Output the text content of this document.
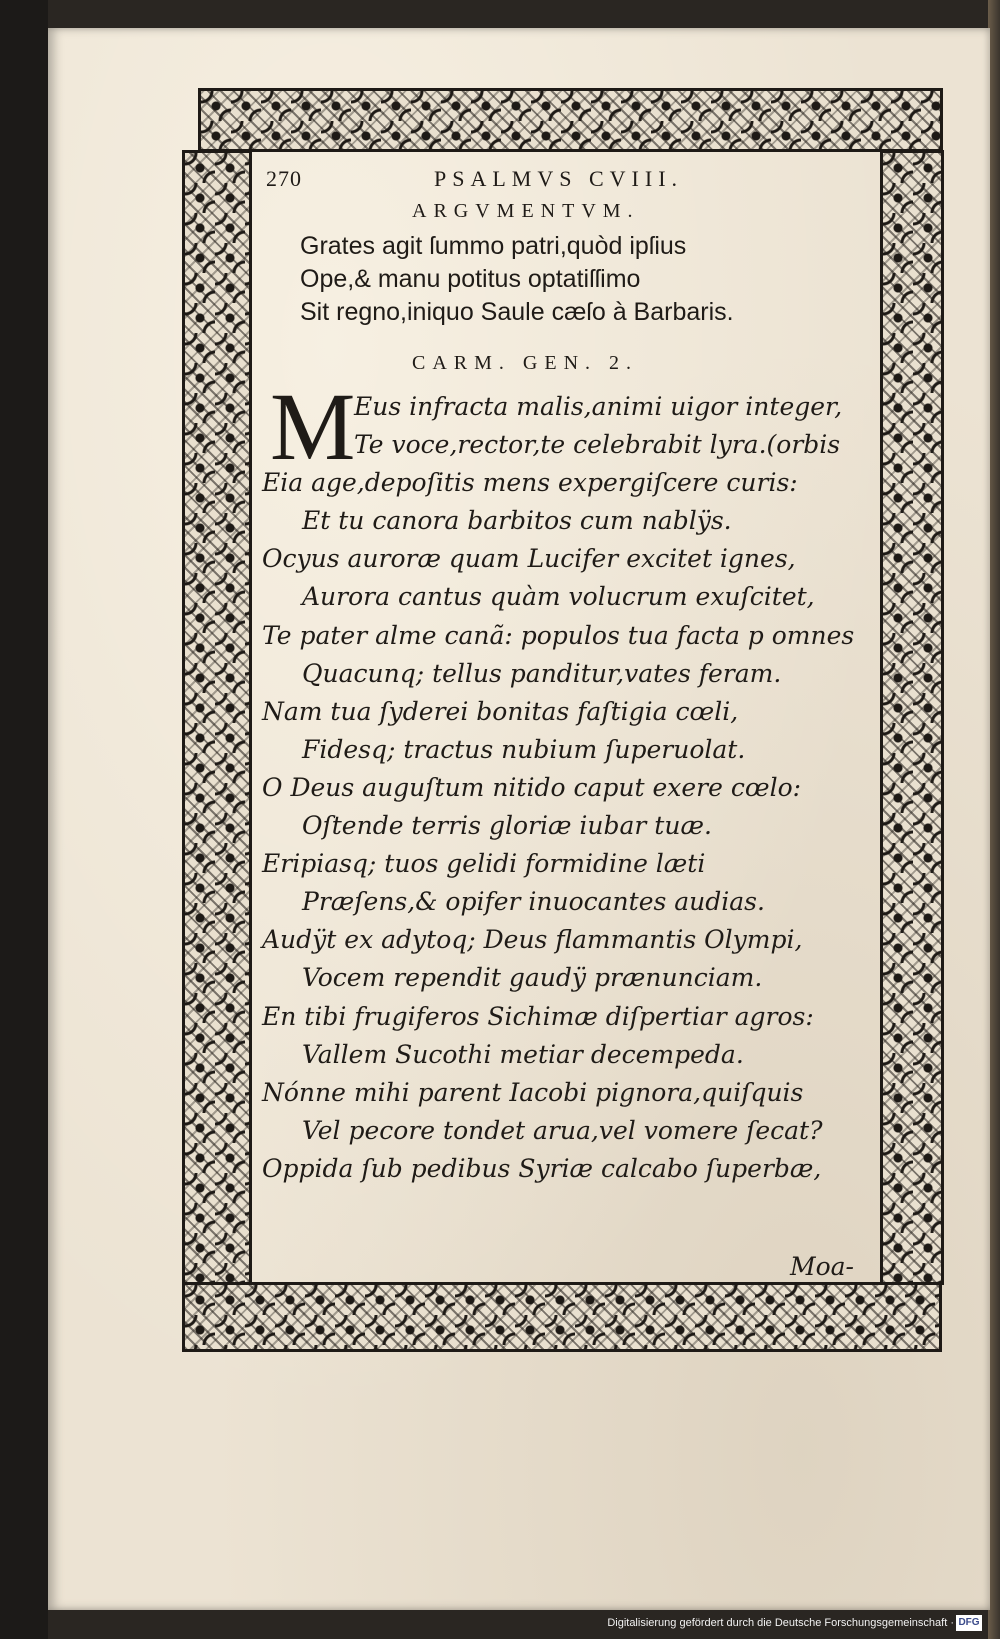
270	PSALMVS CVIII.
ARGVMENTVM.
Grates agit ſummo patri,quòd ipſius
Ope,& manu potitus optatiſſimo
Sit regno,iniquo Saule cæſo à Barbaris.
CARM. GEN. 2.
M
Eus infracta malis,animi uigor integer,
Te voce,rector,te celebrabit lyra.(orbis
Eia age,depoſitis mens expergiſcere curis:
Et tu canora barbitos cum nablÿs.
Ocyus auroræ quam Lucifer excitet ignes,
Aurora cantus quàm volucrum exuſcitet,
Te pater alme canã: populos tua facta p omnes
Quacunq; tellus panditur,vates feram.
Nam tua ſyderei bonitas faſtigia cœli,
Fidesq; tractus nubium ſuperuolat.
O Deus auguſtum nitido caput exere cœlo:
Oſtende terris gloriæ iubar tuæ.
Eripiasq; tuos gelidi formidine læti
Præſens,& opifer inuocantes audias.
Audÿt ex adytoq; Deus flammantis Olympi,
Vocem rependit gaudÿ prænunciam.
En tibi frugiferos Sichimæ diſpertiar agros:
Vallem Sucothi metiar decempeda.
Nónne mihi parent Iacobi pignora,quiſquis
Vel pecore tondet arua,vel vomere ſecat?
Oppida ſub pedibus Syriæ calcabo ſuperbæ,
Moa-
Digitalisierung gefördert durch die Deutsche Forschungsgemeinschaft · DFG
